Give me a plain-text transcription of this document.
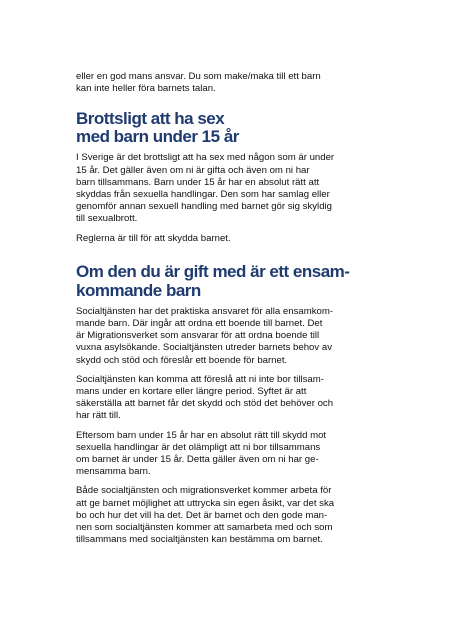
eller en god mans ansvar. Du som make/maka till ett barn
kan inte heller föra barnets talan.

Brottsligt att ha sex
med barn under 15 år

I Sverige är det brottsligt att ha sex med någon som är under
15 år. Det gäller även om ni är gifta och även om ni har
barn tillsammans. Barn under 15 år har en absolut rätt att
skyddas från sexuella handlingar. Den som har samlag eller
genomför annan sexuell handling med barnet gör sig skyldig
till sexualbrott.

Reglerna är till för att skydda barnet.

Om den du är gift med är ett ensam-
kommande barn

Socialtjänsten har det praktiska ansvaret för alla ensamkom-
mande barn. Där ingår att ordna ett boende till barnet. Det
är Migrationsverket som ansvarar för att ordna boende till
vuxna asylsökande. Socialtjänsten utreder barnets behov av
skydd och stöd och föreslår ett boende för barnet.

Socialtjänsten kan komma att föreslå att ni inte bor tillsam-
mans under en kortare eller längre period. Syftet är att
säkerställa att barnet får det skydd och stöd det behöver och
har rätt till.

Eftersom barn under 15 år har en absolut rätt till skydd mot
sexuella handlingar är det olämpligt att ni bor tillsammans
om barnet är under 15 år. Detta gäller även om ni har ge-
mensamma barn.

Både socialtjänsten och migrationsverket kommer arbeta för
att ge barnet möjlighet att uttrycka sin egen åsikt, var det ska
bo och hur det vill ha det. Det är barnet och den gode man-
nen som socialtjänsten kommer att samarbeta med och som
tillsammans med socialtjänsten kan bestämma om barnet.
